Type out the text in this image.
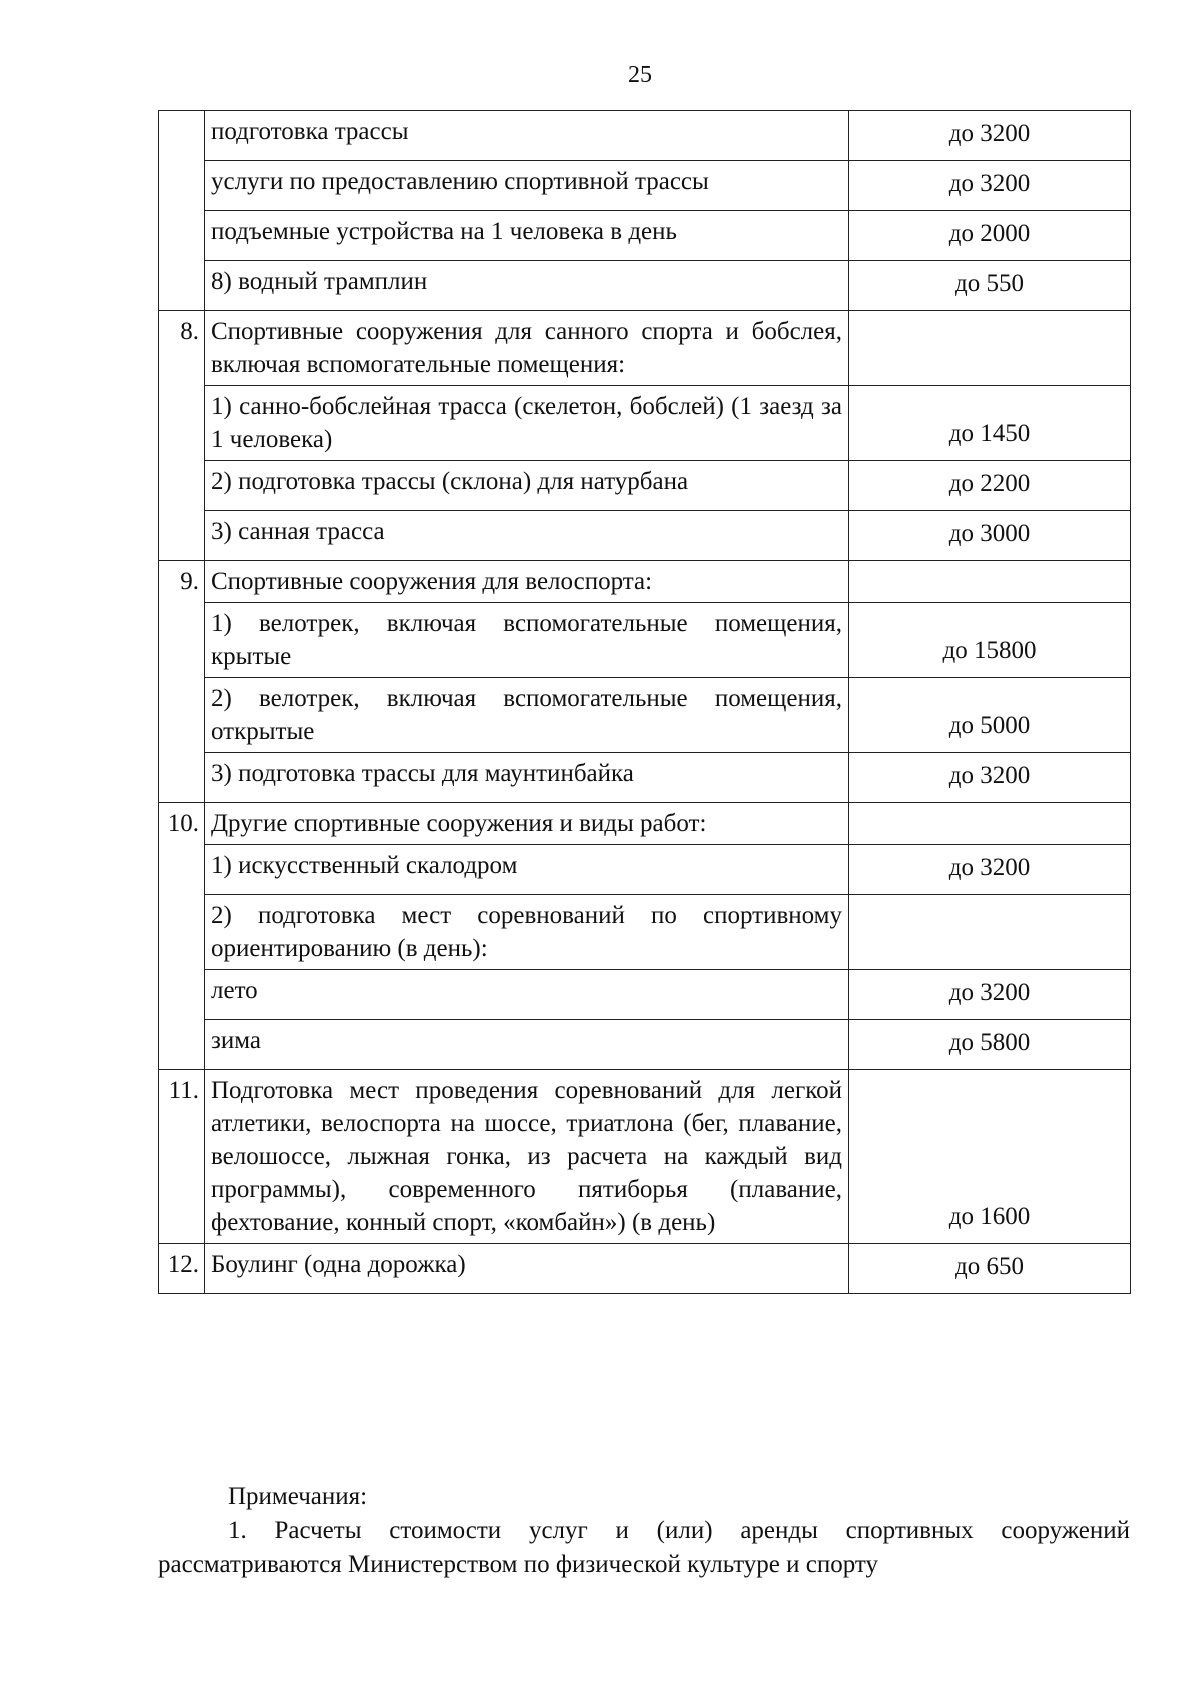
25
	подготовка трассы	до 3200
	услуги по предоставлению спортивной трассы	до 3200
	подъемные устройства на 1 человека в день	до 2000
	8) водный трамплин	до 550
8.	Спортивные сооружения для санного спорта и бобслея, включая вспомогательные помещения:	
	1) санно-бобслейная трасса (скелетон, бобслей) (1 заезд за 1 человека)	до 1450
	2) подготовка трассы (склона) для натурбана	до 2200
	3) санная трасса	до 3000
9.	Спортивные сооружения для велоспорта:	
	1) велотрек, включая вспомогательные помещения, крытые	до 15800
	2) велотрек, включая вспомогательные помещения, открытые	до 5000
	3) подготовка трассы для маунтинбайка	до 3200
10.	Другие спортивные сооружения и виды работ:	
	1) искусственный скалодром	до 3200
	2) подготовка мест соревнований по спортивному ориентированию (в день):	
	лето	до 3200
	зима	до 5800
11.	Подготовка мест проведения соревнований для легкой атлетики, велоспорта на шоссе, триатлона (бег, плавание, велошоссе, лыжная гонка, из расчета на каждый вид программы), современного пятиборья (плавание, фехтование, конный спорт, «комбайн») (в день)	до 1600
12.	Боулинг (одна дорожка)	до 650
Примечания:
1. Расчеты стоимости услуг и (или) аренды спортивных сооружений рассматриваются Министерством по физической культуре и спорту
